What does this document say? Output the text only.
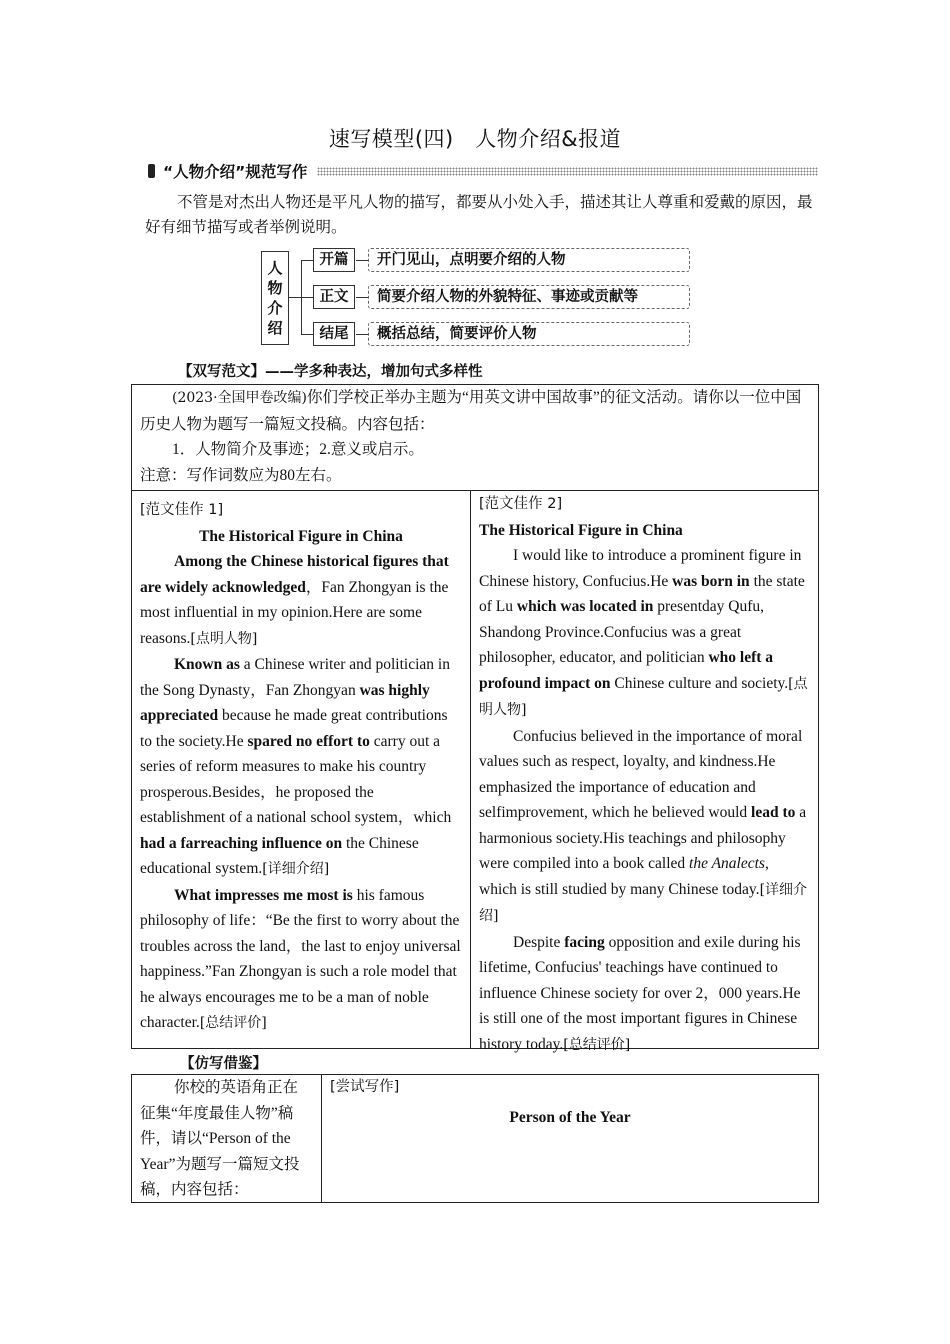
速写模型(四)　人物介绍&报道
“人物介绍”规范写作
不管是对杰出人物还是平凡人物的描写，都要从小处入手，描述其让人尊重和爱戴的原因，最好有细节描写或者举例说明。
人
物
介
绍
开篇	开门见山，点明要介绍的人物
正文	简要介绍人物的外貌特征、事迹或贡献等
结尾	概括总结，简要评价人物
【双写范文】——学多种表达，增加句式多样性

(2023·全国甲卷改编)你们学校正举办主题为“用英文讲中国故事”的征文活动。请你以一位中国历史人物为题写一篇短文投稿。内容包括：

1．人物简介及事迹；2.意义或启示。

注意：写作词数应为80左右。

[范文佳作 1]

The Historical Figure in China

Among the Chinese historical figures that are widely acknowledged，Fan Zhongyan is the most influential in my opinion.Here are some reasons.[点明人物]

Known as a Chinese writer and politician in the Song Dynasty，Fan Zhongyan was highly appreciated because he made great contributions to the society.He spared no effort to carry out a series of reform measures to make his country prosperous.Besides，he proposed the establishment of a national school system，which had a farreaching influence on the Chinese educational system.[详细介绍]

What impresses me most is his famous philosophy of life：“Be the first to worry about the troubles across the land，the last to enjoy universal happiness.”Fan Zhongyan is such a role model that he always encourages me to be a man of noble character.[总结评价]

[范文佳作 2]

The Historical Figure in China

I would like to introduce a prominent figure in Chinese history, Confucius.He was born in the state of Lu which was located in presentday Qufu, Shandong Province.Confucius was a great philosopher, educator, and politician who left a profound impact on Chinese culture and society.[点明人物]

Confucius believed in the importance of moral values such as respect, loyalty, and kindness.He emphasized the importance of education and selfimprovement, which he believed would lead to a harmonious society.His teachings and philosophy were compiled into a book called the Analects, which is still studied by many Chinese today.[详细介绍]

Despite facing opposition and exile during his lifetime, Confucius' teachings have continued to influence Chinese society for over 2，000 years.He is still one of the most important figures in Chinese history today.[总结评价]

【仿写借鉴】

你校的英语角正在征集“年度最佳人物”稿件，请以“Person of the Year”为题写一篇短文投稿，内容包括：

[尝试写作]
Person of the Year
